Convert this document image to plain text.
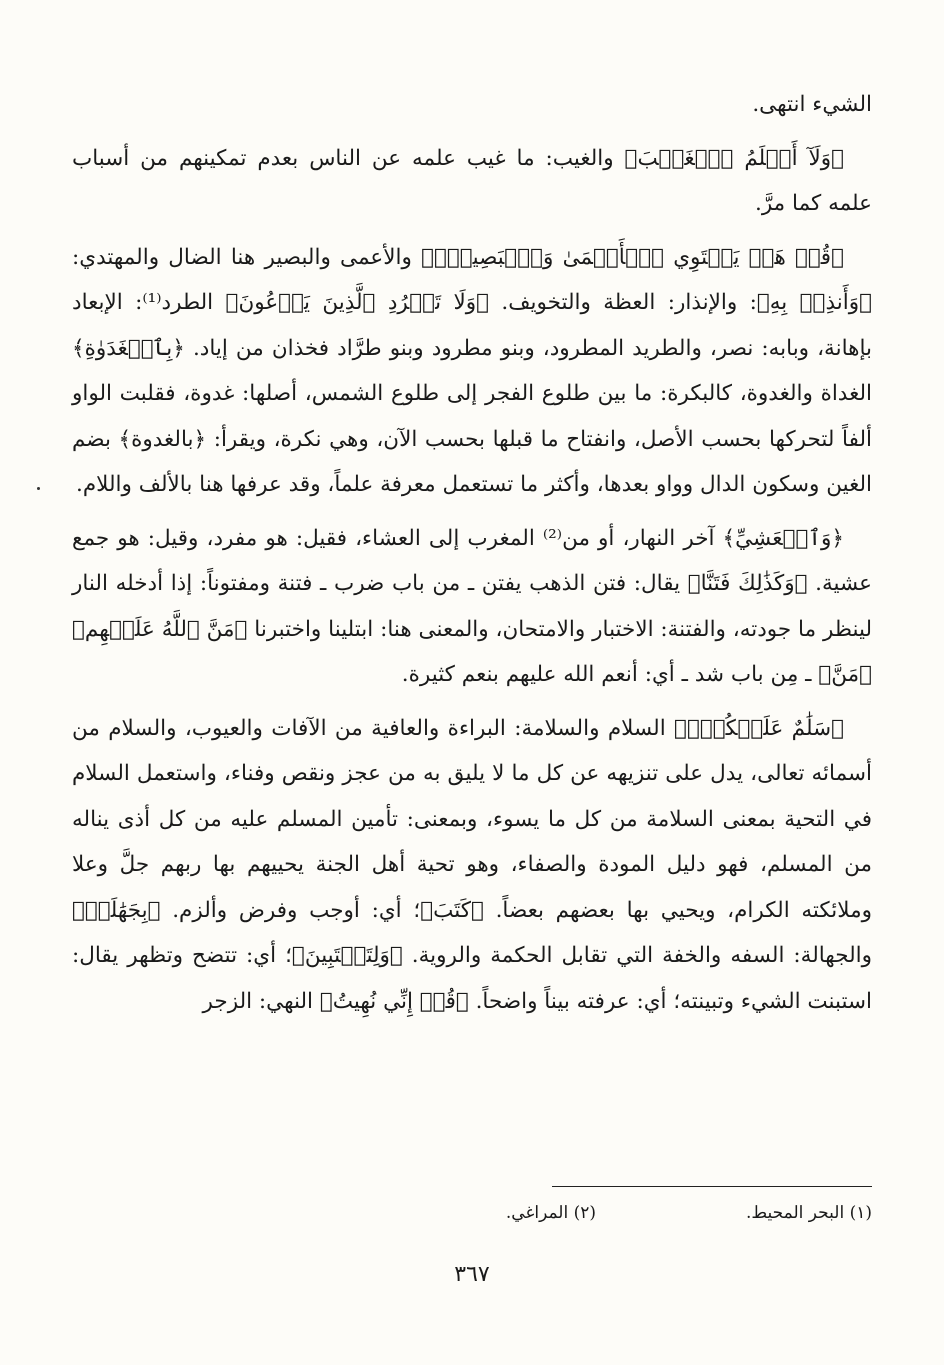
الشيء انتهى.

﴿وَلَآ أَعۡلَمُ ٱلۡغَيۡبَ﴾ والغيب: ما غيب علمه عن الناس بعدم تمكينهم من أسباب علمه كما مرَّ.

﴿قُلۡ هَلۡ يَسۡتَوِي ٱلۡأَعۡمَىٰ وَٱلۡبَصِيرُۚ﴾ والأعمى والبصير هنا الضال والمهتدي: ﴿وَأَنذِرۡ بِهِ﴾: والإنذار: العظة والتخويف. ﴿وَلَا تَطۡرُدِ ٱلَّذِينَ يَدۡعُونَ﴾ الطرد⁽¹⁾: الإبعاد بإهانة، وبابه: نصر، والطريد المطرود، وبنو مطرود وبنو طرَّاد فخذان من إياد. ﴿بِٱلۡغَدَوٰةِ﴾ الغداة والغدوة، كالبكرة: ما بين طلوع الفجر إلى طلوع الشمس، أصلها: غدوة، فقلبت الواو ألفاً لتحركها بحسب الأصل، وانفتاح ما قبلها بحسب الآن، وهي نكرة، ويقرأ: ﴿بالغدوة﴾ بضم الغين وسكون الدال وواو بعدها، وأكثر ما تستعمل معرفة علماً، وقد عرفها هنا بالألف واللام.

﴿وَٱلۡعَشِيِّ﴾ آخر النهار، أو من⁽²⁾ المغرب إلى العشاء، فقيل: هو مفرد، وقيل: هو جمع عشية. ﴿وَكَذَٰلِكَ فَتَنَّا﴾ يقال: فتن الذهب يفتن ـ من باب ضرب ـ فتنة ومفتوناً: إذا أدخله النار لينظر ما جودته، والفتنة: الاختبار والامتحان، والمعنى هنا: ابتلينا واختبرنا ﴿مَنَّ ٱللَّهُ عَلَيۡهِم﴾ ﴿مَنَّ﴾ ـ مِن باب شد ـ أي: أنعم الله عليهم بنعم كثيرة.

﴿سَلَٰمٌ عَلَيۡكُمۡۖ﴾ السلام والسلامة: البراءة والعافية من الآفات والعيوب، والسلام من أسمائه تعالى، يدل على تنزيهه عن كل ما لا يليق به من عجز ونقص وفناء، واستعمل السلام في التحية بمعنى السلامة من كل ما يسوء، وبمعنى: تأمين المسلم عليه من كل أذى يناله من المسلم، فهو دليل المودة والصفاء، وهو تحية أهل الجنة يحييهم بها ربهم جلَّ وعلا وملائكته الكرام، ويحيي بها بعضهم بعضاً. ﴿كَتَبَ﴾؛ أي: أوجب وفرض وألزم. ﴿بِجَهَٰلَةٖ﴾ والجهالة: السفه والخفة التي تقابل الحكمة والروية. ﴿وَلِتَسۡتَبِينَ﴾؛ أي: تتضح وتظهر يقال: استبنت الشيء وتبينته؛ أي: عرفته بيناً واضحاً. ﴿قُلۡ إِنِّي نُهِيتُ﴾ النهي: الزجر

(١) البحر المحيط.
(٢) المراغي.
٣٦٧
